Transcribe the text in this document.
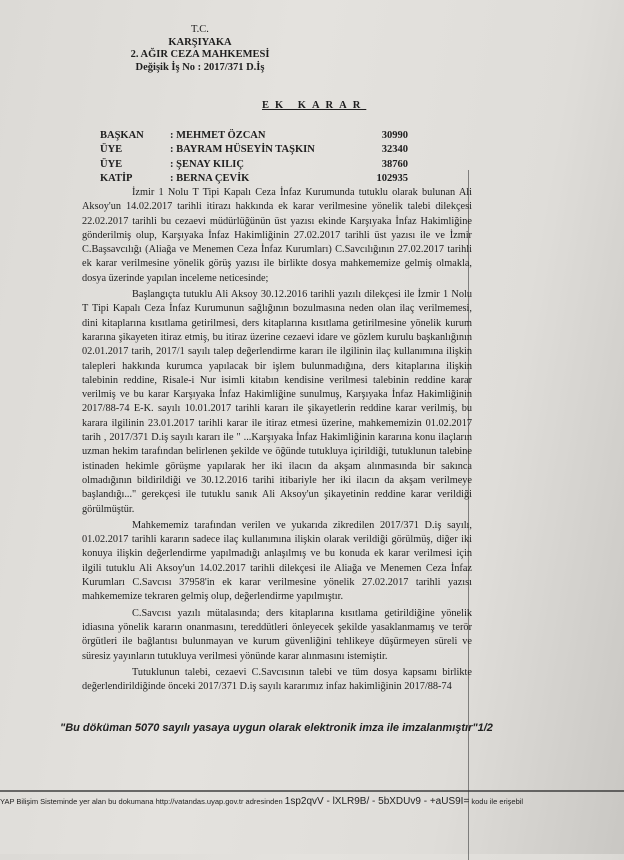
T.C.
KARŞIYAKA
2. AĞIR CEZA MAHKEMESİ
Değişik İş No : 2017/371 D.İş
EK KARAR
BAŞKAN	: MEHMET ÖZCAN	30990
ÜYE	: BAYRAM HÜSEYİN TAŞKIN	32340
ÜYE	: ŞENAY KILIÇ	38760
KATİP	: BERNA ÇEVİK	102935

İzmir 1 Nolu T Tipi Kapalı Ceza İnfaz Kurumunda tutuklu olarak bulunan Ali Aksoy'un 14.02.2017 tarihli itirazı hakkında ek karar verilmesine yönelik talebi dilekçesi 22.02.2017 tarihli bu cezaevi müdürlüğünün üst yazısı ekinde Karşıyaka İnfaz Hakimliğine gönderilmiş olup, Karşıyaka İnfaz Hakimliğinin 27.02.2017 tarihli üst yazısı ile ve İzmir C.Başsavcılığı (Aliağa ve Menemen Ceza İnfaz Kurumları) C.Savcılığının 27.02.2017 tarihli ek karar verilmesine yönelik görüş yazısı ile birlikte dosya mahkememize gelmiş olmakla, dosya üzerinde yapılan inceleme neticesinde;

Başlangıçta tutuklu Ali Aksoy 30.12.2016 tarihli yazılı dilekçesi ile İzmir 1 Nolu T Tipi Kapalı Ceza İnfaz Kurumunun sağlığının bozulmasına neden olan ilaç verilmemesi, dini kitaplarına kısıtlama getirilmesi, ders kitaplarına kısıtlama getirilmesine yönelik kurum kararına şikayeten itiraz etmiş, bu itiraz üzerine cezaevi idare ve gözlem kurulu başkanlığının 02.01.2017 tarih, 2017/1 sayılı talep değerlendirme kararı ile ilgilinin ilaç kullanımına ilişkin talepleri hakkında kurumca yapılacak bir işlem bulunmadığına, ders kitaplarına ilişkin talebinin reddine, Risale-i Nur isimli kitabın kendisine verilmesi talebinin reddine karar verilmiş ve bu karar Karşıyaka İnfaz Hakimliğine sunulmuş, Karşıyaka İnfaz Hakimliğinin 2017/88-74 E-K. sayılı 10.01.2017 tarihli kararı ile şikayetlerin reddine karar verilmiş, bu karara ilgilinin 23.01.2017 tarihli karar ile itiraz etmesi üzerine, mahkememizin 01.02.2017 tarih , 2017/371 D.iş sayılı kararı ile " ...Karşıyaka İnfaz Hakimliğinin kararına konu ilaçların uzman hekim tarafından belirlenen şekilde ve öğünde tutukluya içirildiği, tutuklunun talebine istinaden hekimle görüşme yapılarak her iki ilacın da akşam alınmasında bir sakınca olmadığının bildirildiği ve 30.12.2016 tarihi itibariyle her iki ilacın da akşam verilmeye başlandığı..." gerekçesi ile tutuklu sanık Ali Aksoy'un şikayetinin reddine karar verildiği görülmüştür.

Mahkememiz tarafından verilen ve yukarıda zikredilen 2017/371 D.iş sayılı, 01.02.2017 tarihli kararın sadece ilaç kullanımına ilişkin olarak verildiği görülmüş, diğer iki konuya ilişkin değerlendirme yapılmadığı anlaşılmış ve bu konuda ek karar verilmesi için ilgili tutuklu Ali Aksoy'un 14.02.2017 tarihli dilekçesi ile Aliağa ve Menemen Ceza İnfaz Kurumları C.Savcısı 37958'in ek karar verilmesine yönelik 27.02.2017 tarihli yazısı mahkememize tekraren gelmiş olup, değerlendirme yapılmıştır.

C.Savcısı yazılı mütalasında; ders kitaplarına kısıtlama getirildiğine yönelik idiasına yönelik kararın onanmasını, tereddütleri önleyecek şekilde yasaklanmamış ve terör örgütleri ile bağlantısı bulunmayan ve kurum güvenliğini tehlikeye düşürmeyen süreli ve süresiz yayınların tutukluya verilmesi yönünde karar alınmasını istemiştir.

Tutuklunun talebi, cezaevi C.Savcısının talebi ve tüm dosya kapsamı birlikte değerlendirildiğinde önceki 2017/371 D.iş sayılı kararımız infaz hakimliğinin 2017/88-74

"Bu döküman 5070 sayılı yasaya uygun olarak elektronik imza ile imzalanmıştır"1/2
YAP Bilişim Sisteminde yer alan bu dokumana http://vatandas.uyap.gov.tr adresinden 1sp2qvV - lXLR9B/ - 5bXDUv9 - +aUS9I= kodu ile erişebil
